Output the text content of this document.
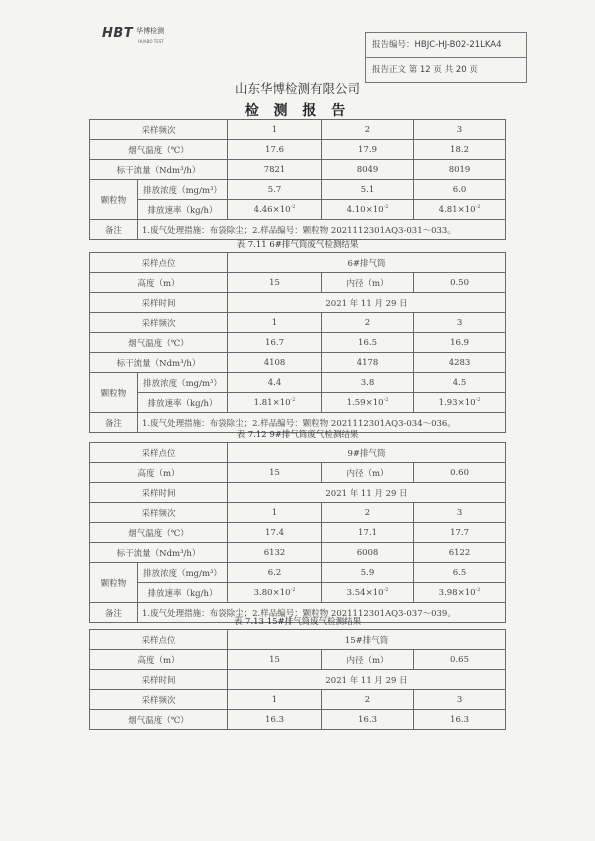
HBT 华博检测
HUABO TEST	报告编号：HBJC-HJ-B02-21LKA4
报告正文 第 12 页 共 20 页
山东华博检测有限公司
检 测 报 告
采样频次		1	2	3
烟气温度（℃）		17.6	17.9	18.2
标干流量（Ndm³/h）		7821	8049	8019
颗粒物	排放浓度（mg/m³）	5.7	5.1	6.0
	排放速率（kg/h）	$4.46\times 10^{-2}$	$4.10\times 10^{-2}$	$4.81\times 10^{-2}$
备注	1.废气处理措施：布袋除尘；2.样品编号：颗粒物 2021112301AQ3-031～033。			
表 7.11 6#排气筒废气检测结果
采样点位		6#排气筒		
高度（m）		15	内径（m）	0.50
采样时间		2021 年 11 月 29 日		
采样频次		1	2	3
烟气温度（℃）		16.7	16.5	16.9
标干流量（Ndm³/h）		4108	4178	4283
颗粒物	排放浓度（mg/m³）	4.4	3.8	4.5
	排放速率（kg/h）	$1.81\times 10^{-2}$	$1.59\times 10^{-2}$	$1.93\times 10^{-2}$
备注	1.废气处理措施：布袋除尘；2.样品编号：颗粒物 2021112301AQ3-034～036。			
表 7.12 9#排气筒废气检测结果
采样点位		9#排气筒		
高度（m）		15	内径（m）	0.60
采样时间		2021 年 11 月 29 日		
采样频次		1	2	3
烟气温度（℃）		17.4	17.1	17.7
标干流量（Ndm³/h）		6132	6008	6122
颗粒物	排放浓度（mg/m³）	6.2	5.9	6.5
	排放速率（kg/h）	$3.80\times 10^{-2}$	$3.54\times 10^{-2}$	$3.98\times 10^{-2}$
备注	1.废气处理措施：布袋除尘；2.样品编号：颗粒物 2021112301AQ3-037～039。			
表 7.13 15#排气筒废气检测结果
采样点位	15#排气筒		
高度（m）	15	内径（m）	0.65
采样时间	2021 年 11 月 29 日		
采样频次	1	2	3
烟气温度（℃）	16.3	16.3	16.3
